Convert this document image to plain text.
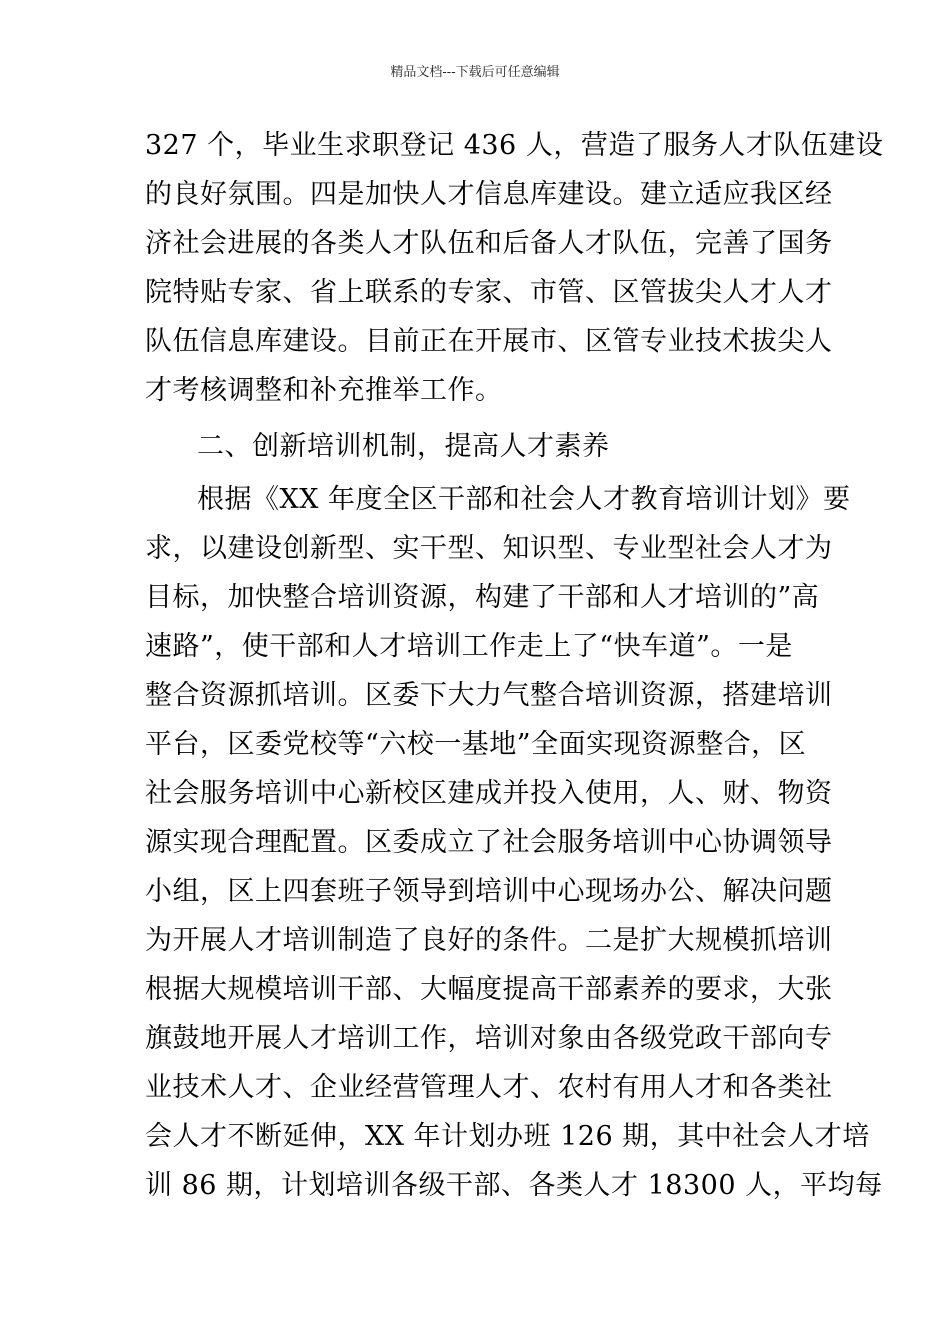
精品文档---下载后可任意编辑
327 个，毕业生求职登记 436 人，营造了服务人才队伍建设
的良好氛围。四是加快人才信息库建设。建立适应我区经
济社会进展的各类人才队伍和后备人才队伍，完善了国务
院特贴专家、省上联系的专家、市管、区管拔尖人才人才
队伍信息库建设。目前正在开展市、区管专业技术拔尖人
才考核调整和补充推举工作。
二、创新培训机制，提高人才素养
根据《XX 年度全区干部和社会人才教育培训计划》要
求，以建设创新型、实干型、知识型、专业型社会人才为
目标，加快整合培训资源，构建了干部和人才培训的”高
速路”，使干部和人才培训工作走上了“快车道”。一是
整合资源抓培训。区委下大力气整合培训资源，搭建培训
平台，区委党校等“六校一基地”全面实现资源整合，区
社会服务培训中心新校区建成并投入使用，人、财、物资
源实现合理配置。区委成立了社会服务培训中心协调领导
小组，区上四套班子领导到培训中心现场办公、解决问题
为开展人才培训制造了良好的条件。二是扩大规模抓培训
根据大规模培训干部、大幅度提高干部素养的要求，大张
旗鼓地开展人才培训工作，培训对象由各级党政干部向专
业技术人才、企业经营管理人才、农村有用人才和各类社
会人才不断延伸，XX 年计划办班 126 期，其中社会人才培
训 86 期，计划培训各级干部、各类人才 18300 人，平均每
